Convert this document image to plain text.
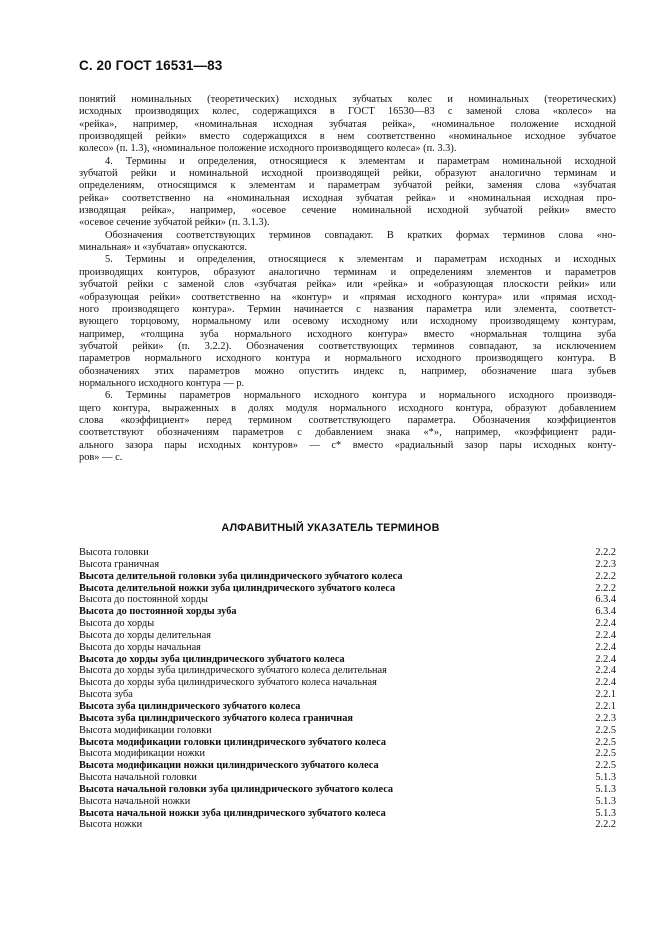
С. 20 ГОСТ 16531—83

понятий номинальных (теоретических) исходных зубчатых колес и номинальных (теоретических)
исходных производящих колес, содержащихся в ГОСТ 16530—83 с заменой слова «колесо» на
«рейка», например, «номинальная исходная зубчатая рейка», «номинальное положение исходной
производящей рейки» вместо содержащихся в нем соответственно «номинальное исходное зубчатое
колесо» (п. 1.3), «номинальное положение исходного производящего колеса» (п. 3.3).

4. Термины и определения, относящиеся к элементам и параметрам номинальной исходной
зубчатой рейки и номинальной исходной производящей рейки, образуют аналогично терминам и
определениям, относящимся к элементам и параметрам зубчатой рейки, заменяя слова «зубчатая
рейка» соответственно на «номинальная исходная зубчатая рейка» и «номинальная исходная про-
изводящая рейка», например, «осевое сечение номинальной исходной зубчатой рейки» вместо
«осевое сечение зубчатой рейки» (п. 3.1.3).

Обозначения соответствующих терминов совпадают. В кратких формах терминов слова «но-
минальная» и «зубчатая» опускаются.

5. Термины и определения, относящиеся к элементам и параметрам исходных и исходных
производящих контуров, образуют аналогично терминам и определениям элементов и параметров
зубчатой рейки с заменой слов «зубчатая рейка» или «рейка» и «образующая плоскости рейки» или
«образующая рейки» соответственно на «контур» и «прямая исходного контура» или «прямая исход-
ного производящего контура». Термин начинается с названия параметра или элемента, соответст-
вующего торцовому, нормальному или осевому исходному или исходному производящему контурам,
например, «толщина зуба нормального исходного контура» вместо «нормальная толщина зуба
зубчатой рейки» (п. 3.2.2). Обозначения соответствующих терминов совпадают, за исключением
параметров нормального исходного контура и нормального исходного производящего контура. В
обозначениях этих параметров можно опустить индекс n, например, обозначение шага зубьев
нормального исходного контура — p.

6. Термины параметров нормального исходного контура и нормального исходного производя-
щего контура, выраженных в долях модуля нормального исходного контура, образуют добавлением
слова «коэффициент» перед термином соответствующего параметра. Обозначения коэффициентов
соответствуют обозначениям параметров с добавлением знака «*», например, «коэффициент ради-
ального зазора пары исходных контуров» — c* вместо «радиальный зазор пары исходных конту-
ров» — c.

АЛФАВИТНЫЙ УКАЗАТЕЛЬ ТЕРМИНОВ
Высота головки	2.2.2
Высота граничная	2.2.3
Высота делительной головки зуба цилиндрического зубчатого колеса	2.2.2
Высота делительной ножки зуба цилиндрического зубчатого колеса	2.2.2
Высота до постоянной хорды	6.3.4
Высота до постоянной хорды зуба	6.3.4
Высота до хорды	2.2.4
Высота до хорды делительная	2.2.4
Высота до хорды начальная	2.2.4
Высота до хорды зуба цилиндрического зубчатого колеса	2.2.4
Высота до хорды зуба цилиндрического зубчатого колеса делительная	2.2.4
Высота до хорды зуба цилиндрического зубчатого колеса начальная	2.2.4
Высота зуба	2.2.1
Высота зуба цилиндрического зубчатого колеса	2.2.1
Высота зуба цилиндрического зубчатого колеса граничная	2.2.3
Высота модификации головки	2.2.5
Высота модификации головки цилиндрического зубчатого колеса	2.2.5
Высота модификации ножки	2.2.5
Высота модификации ножки цилиндрического зубчатого колеса	2.2.5
Высота начальной головки	5.1.3
Высота начальной головки зуба цилиндрического зубчатого колеса	5.1.3
Высота начальной ножки	5.1.3
Высота начальной ножки зуба цилиндрического зубчатого колеса	5.1.3
Высота ножки	2.2.2
